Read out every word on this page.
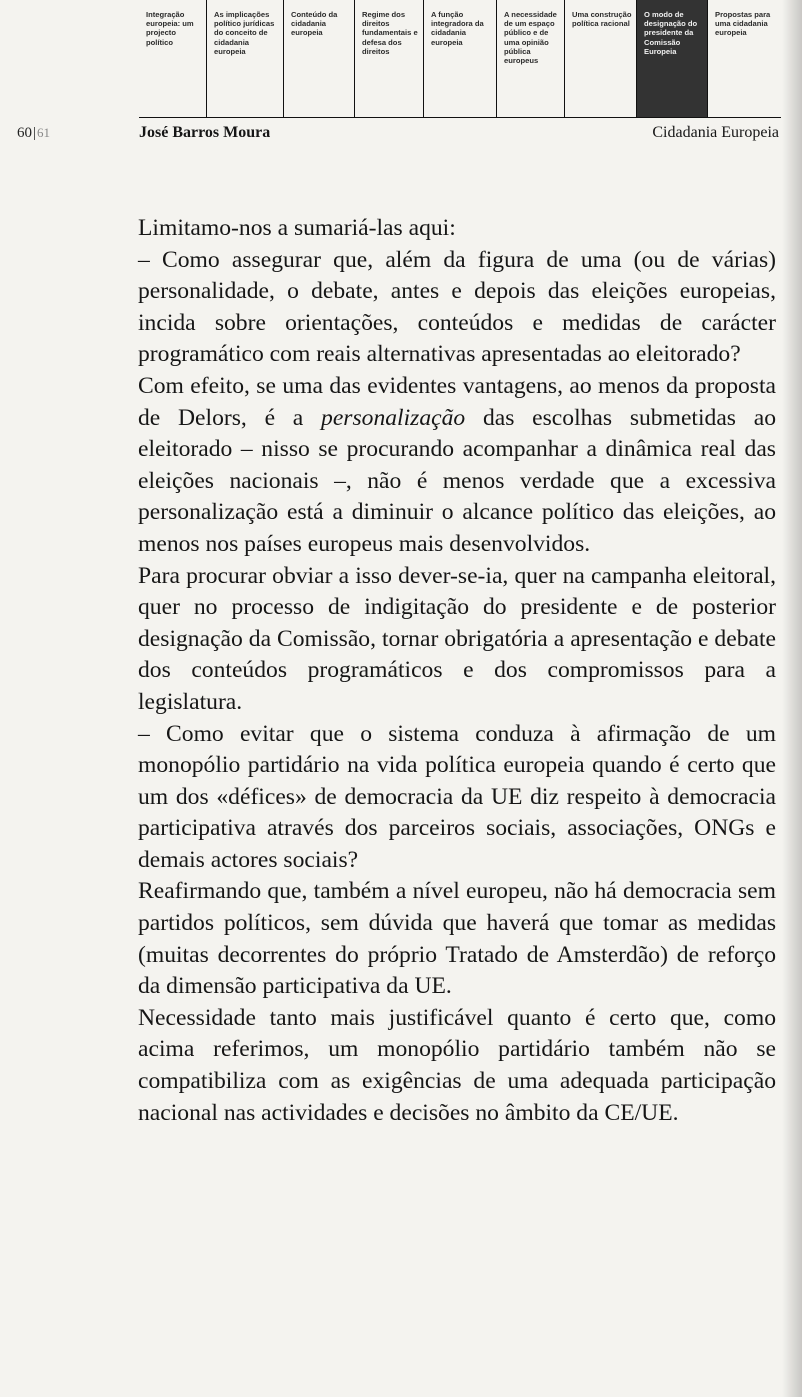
Integração europeia: um projecto político
As implicações político jurídicas do conceito de cidadania europeia
Conteúdo da cidadania europeia
Regime dos direitos fundamentais e defesa dos direitos
A função integradora da cidadania europeia
A necessidade de um espaço público e de uma opinião pública europeus
Uma construção política racional
O modo de designação do presidente da Comissão Europeia
Propostas para uma cidadania europeia
60|61	José Barros Moura	Cidadania Europeia

Limitamo-nos a sumariá-las aqui:

– Como assegurar que, além da figura de uma (ou de várias) personalidade, o debate, antes e depois das eleições europeias, incida sobre orientações, conteúdos e medidas de carácter programático com reais alternativas apresentadas ao eleitorado?

Com efeito, se uma das evidentes vantagens, ao menos da proposta de Delors, é a personalização das escolhas submetidas ao eleitorado – nisso se procurando acompanhar a dinâmica real das eleições nacionais –, não é menos verdade que a excessiva personalização está a diminuir o alcance político das eleições, ao menos nos países europeus mais desenvolvidos.

Para procurar obviar a isso dever-se-ia, quer na campanha eleitoral, quer no processo de indigitação do presidente e de posterior designação da Comissão, tornar obrigatória a apresentação e debate dos conteúdos programáticos e dos compromissos para a legislatura.

– Como evitar que o sistema conduza à afirmação de um monopólio partidário na vida política europeia quando é certo que um dos «défices» de democracia da UE diz respeito à democracia participativa através dos parceiros sociais, associações, ONGs e demais actores sociais?

Reafirmando que, também a nível europeu, não há democracia sem partidos políticos, sem dúvida que haverá que tomar as medidas (muitas decorrentes do próprio Tratado de Amsterdão) de reforço da dimensão participativa da UE.

Necessidade tanto mais justificável quanto é certo que, como acima referimos, um monopólio partidário também não se compatibiliza com as exigências de uma adequada participação nacional nas actividades e decisões no âmbito da CE/UE.
